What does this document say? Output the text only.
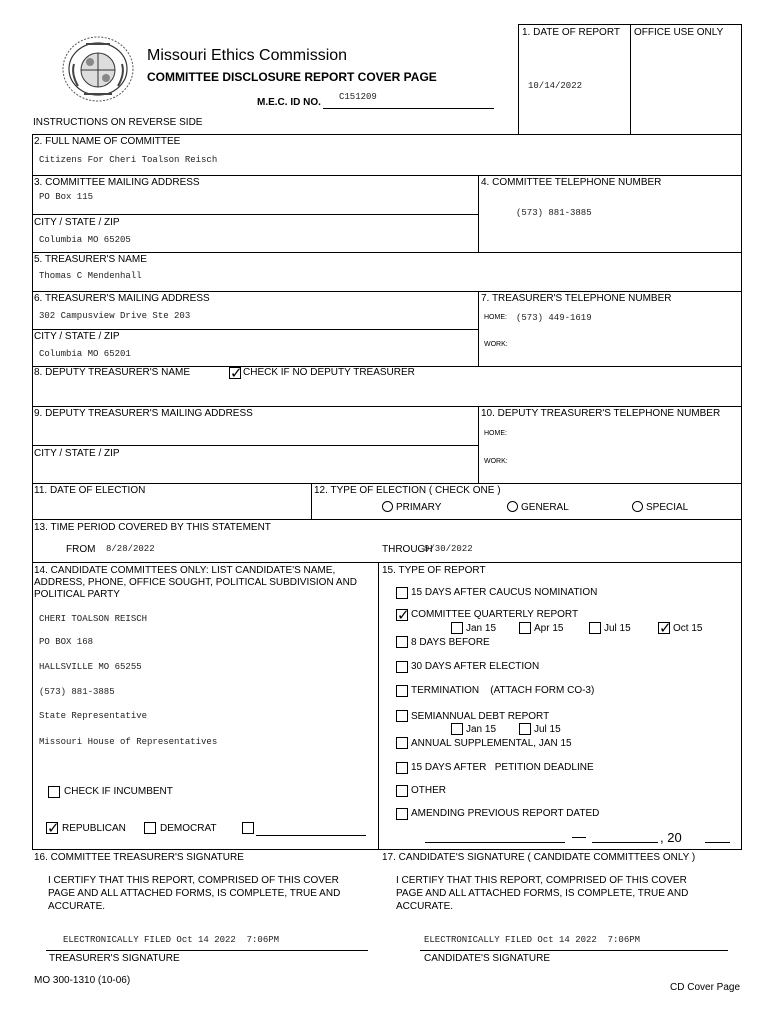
Missouri Ethics Commission
COMMITTEE DISCLOSURE REPORT COVER PAGE
M.E.C. ID NO. C151209
INSTRUCTIONS ON REVERSE SIDE
1. DATE OF REPORT OFFICE USE ONLY
10/14/2022
2. FULL NAME OF COMMITTEE
Citizens For Cheri Toalson Reisch
3. COMMITTEE MAILING ADDRESS
PO Box 115
CITY / STATE / ZIP
Columbia MO 65205
4. COMMITTEE TELEPHONE NUMBER
(573) 881-3885
5. TREASURER'S NAME
Thomas C Mendenhall
6. TREASURER'S MAILING ADDRESS
302 Campusview Drive Ste 203
CITY / STATE / ZIP
Columbia MO 65201
7. TREASURER'S TELEPHONE NUMBER
HOME: (573) 449-1619
WORK:
8. DEPUTY TREASURER'S NAME ✓	CHECK IF NO DEPUTY TREASURER
9. DEPUTY TREASURER'S MAILING ADDRESS
CITY / STATE / ZIP
10. DEPUTY TREASURER'S TELEPHONE NUMBER
HOME:
WORK:
11. DATE OF ELECTION	12. TYPE OF ELECTION ( CHECK ONE )
PRIMARY	GENERAL	SPECIAL
13. TIME PERIOD COVERED BY THIS STATEMENT
FROM 8/28/2022	THROUGH
9/30/2022
14. CANDIDATE COMMITTEES ONLY: LIST CANDIDATE'S NAME,
ADDRESS, PHONE, OFFICE SOUGHT, POLITICAL SUBDIVISION AND
POLITICAL PARTY
CHERI TOALSON REISCH
PO BOX 168
HALLSVILLE MO 65255
(573) 881-3885
State Representative
Missouri House of Representatives
CHECK IF INCUMBENT
✓
REPUBLICAN	DEMOCRAT
15. TYPE OF REPORT
15 DAYS AFTER CAUCUS NOMINATION
✓
COMMITTEE QUARTERLY REPORT
Jan 15	Apr 15	Jul 15 ✓	Oct 15
8 DAYS BEFORE
30 DAYS AFTER ELECTION
TERMINATION    (ATTACH FORM CO-3)
SEMIANNUAL DEBT REPORT
Jan 15	Jul 15
ANNUAL SUPPLEMENTAL, JAN 15
15 DAYS AFTER   PETITION DEADLINE
OTHER
AMENDING PREVIOUS REPORT DATED
, 20
16. COMMITTEE TREASURER'S SIGNATURE
I CERTIFY THAT THIS REPORT, COMPRISED OF THIS COVER
PAGE AND ALL ATTACHED FORMS, IS COMPLETE, TRUE AND
ACCURATE.
ELECTRONICALLY FILED Oct 14 2022  7:06PM
TREASURER'S SIGNATURE
17. CANDIDATE'S SIGNATURE ( CANDIDATE COMMITTEES ONLY )
I CERTIFY THAT THIS REPORT, COMPRISED OF THIS COVER
PAGE AND ALL ATTACHED FORMS, IS COMPLETE, TRUE AND
ACCURATE.
ELECTRONICALLY FILED Oct 14 2022  7:06PM
CANDIDATE'S SIGNATURE
MO 300-1310 (10-06)
CD Cover Page
